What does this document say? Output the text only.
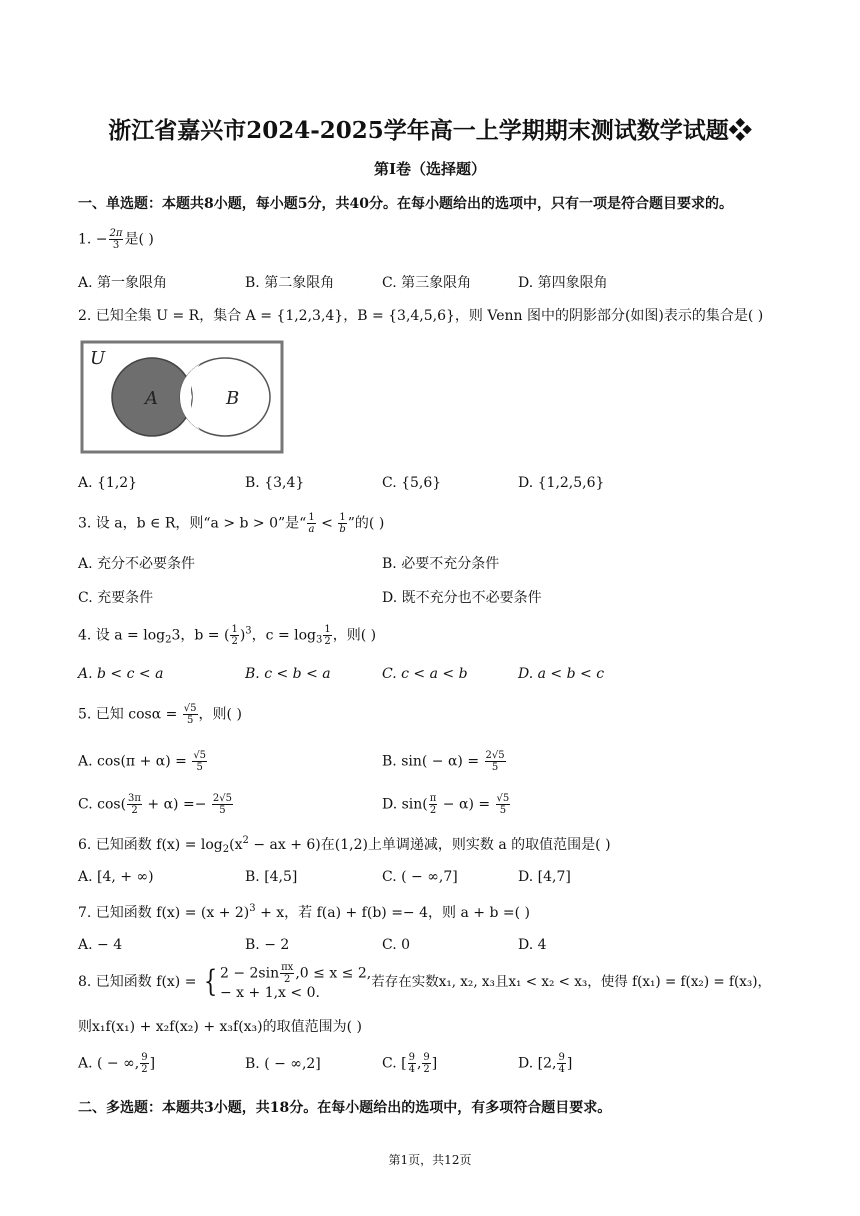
浙江省嘉兴市2024-2025学年高一上学期期末测试数学试题❖
第I卷（选择题）
一、单选题：本题共8小题，每小题5分，共40分。在每小题给出的选项中，只有一项是符合题目要求的。
1. − $\frac{2\pi}{3}$ 是( )
A. 第一象限角	B. 第二象限角	C. 第三象限角	D. 第四象限角
2. 已知全集 U = R，集合 A = {1,2,3,4}，B = {3,4,5,6}，则 Venn 图中的阴影部分(如图)表示的集合是( )
U
A	B
A. {1,2}	B. {3,4}	C. {5,6}	D. {1,2,5,6}
3. 设 a，b ∈ R，则“a > b > 0”是“ $\frac{1}{a} < \frac{1}{b}$ ”的( )
A. 充分不必要条件	B. 必要不充分条件
C. 充要条件	D. 既不充分也不必要条件
4. 设 $a = \log_23$，b = ( $\frac{1}{2} )^3$，$c = \log_3 \frac{1}{2}$ ，则( )
A. b < c < a	B. c < b < a	C. c < a < b	D. a < b < c
5. 已知 $\cos\alpha = \frac{√5}{5}$ ，则( )
A. $\cos(\pi + \alpha) = \frac{√5}{5}$	B. $\sin( - \alpha) = \frac{2√5}{5}$
C. $\cos( \frac{3\pi}{2} + \alpha) =- \frac{2√5}{5}$	D. $\sin( \frac{\pi}{2} - \alpha) = \frac{√5}{5}$
6. 已知函数 $f(x) = \log_2(x^2$ − ax + 6)在(1,2)上单调递减，则实数 a 的取值范围是( )
A. [4, + ∞)	B. [4,5]	C. ( − ∞,7]	D. [4,7]
7. 已知函数 $f(x) = (x + 2)^3 + x$，若 f(a) + f(b) =− 4，则 a + b =( )
A. − 4	B. − 2	C. 0	D. 4
8. 已知函数 f(x) = { $2 - 2\sin \frac{\pi x}{2} ,0 \le x \le 2$,
− x + 1,x < 0.
若存在实数x₁, x₂, x₃且x₁ < x₂ < x₃，使得 f(x₁) = f(x₂) = f(x₃)，
则x₁f(x₁) + x₂f(x₂) + x₃f(x₃)的取值范围为( )
A. ( − ∞, $\frac{9}{2}$ ]	B. ( − ∞,2]	C. [ $\frac{9}{4}$ , $\frac{9}{2}$ ]	D. [2, $\frac{9}{4}$ ]
二、多选题：本题共3小题，共18分。在每小题给出的选项中，有多项符合题目要求。
第1页，共12页
